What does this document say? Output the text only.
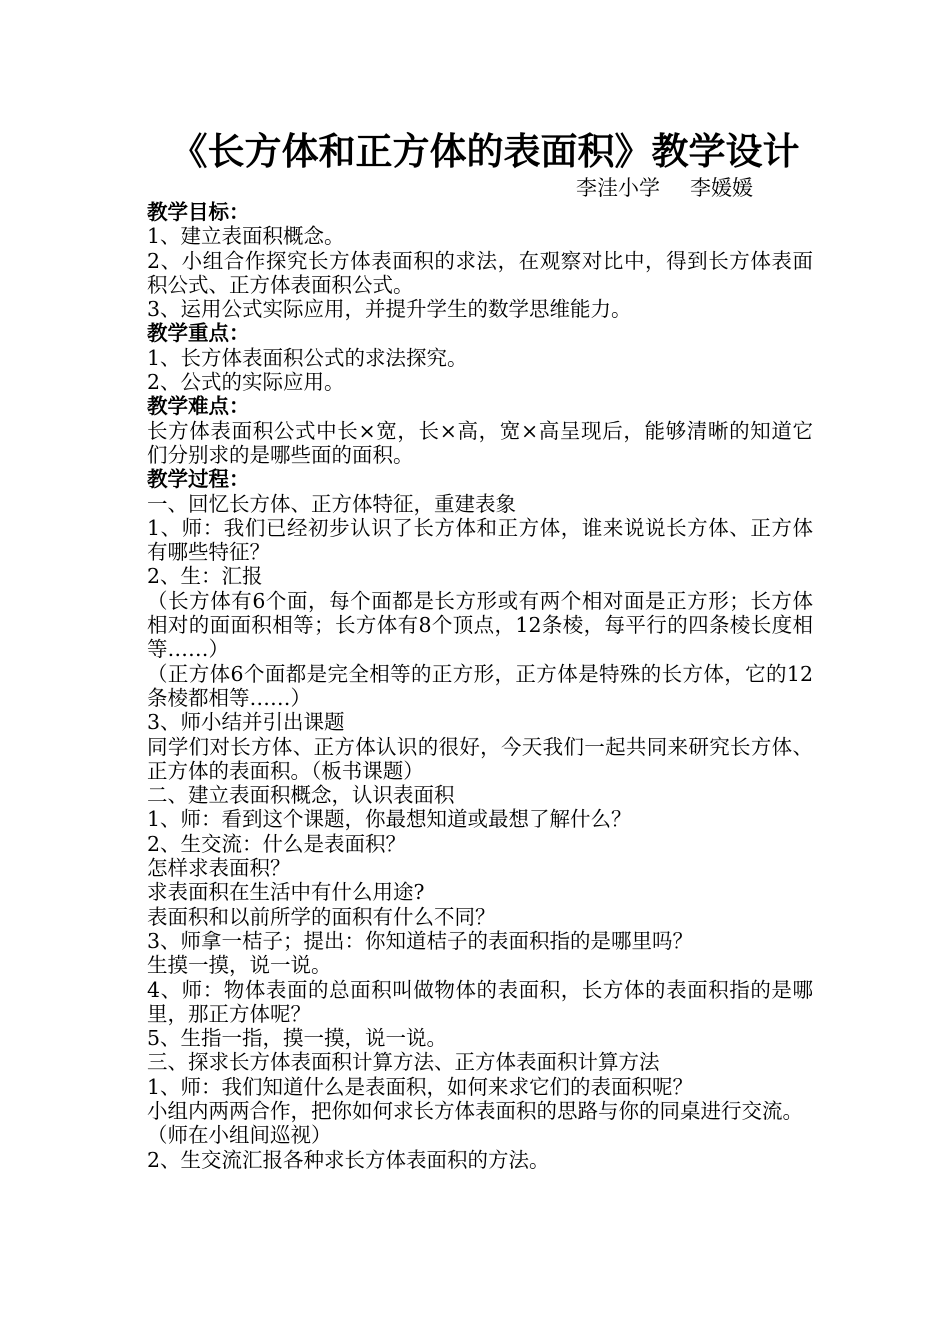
《长方体和正方体的表面积》教学设计
李洼小学 李媛媛
教学目标：
1、建立表面积概念。
2、小组合作探究长方体表面积的求法，在观察对比中，得到长方体表面积公式、正方体表面积公式。
3、运用公式实际应用，并提升学生的数学思维能力。
教学重点：
1、长方体表面积公式的求法探究。
2、公式的实际应用。
教学难点：
长方体表面积公式中长×宽，长×高，宽×高呈现后，能够清晰的知道它们分别求的是哪些面的面积。
教学过程：
一、回忆长方体、正方体特征，重建表象
1、师：我们已经初步认识了长方体和正方体，谁来说说长方体、正方体有哪些特征？
2、生：汇报
（长方体有6个面，每个面都是长方形或有两个相对面是正方形；长方体相对的面面积相等；长方体有8个顶点，12条棱，每平行的四条棱长度相等……）
（正方体6个面都是完全相等的正方形，正方体是特殊的长方体，它的12条棱都相等……）
3、师小结并引出课题
同学们对长方体、正方体认识的很好，今天我们一起共同来研究长方体、正方体的表面积。（板书课题）
二、建立表面积概念，认识表面积
1、师：看到这个课题，你最想知道或最想了解什么？
2、生交流：什么是表面积？
怎样求表面积？
求表面积在生活中有什么用途?
表面积和以前所学的面积有什么不同？
3、师拿一桔子；提出：你知道桔子的表面积指的是哪里吗？
生摸一摸，说一说。
4、师：物体表面的总面积叫做物体的表面积，长方体的表面积指的是哪里，那正方体呢？
5、生指一指，摸一摸，说一说。
三、探求长方体表面积计算方法、正方体表面积计算方法
1、师：我们知道什么是表面积，如何来求它们的表面积呢？
小组内两两合作，把你如何求长方体表面积的思路与你的同桌进行交流。
（师在小组间巡视）
2、生交流汇报各种求长方体表面积的方法。
